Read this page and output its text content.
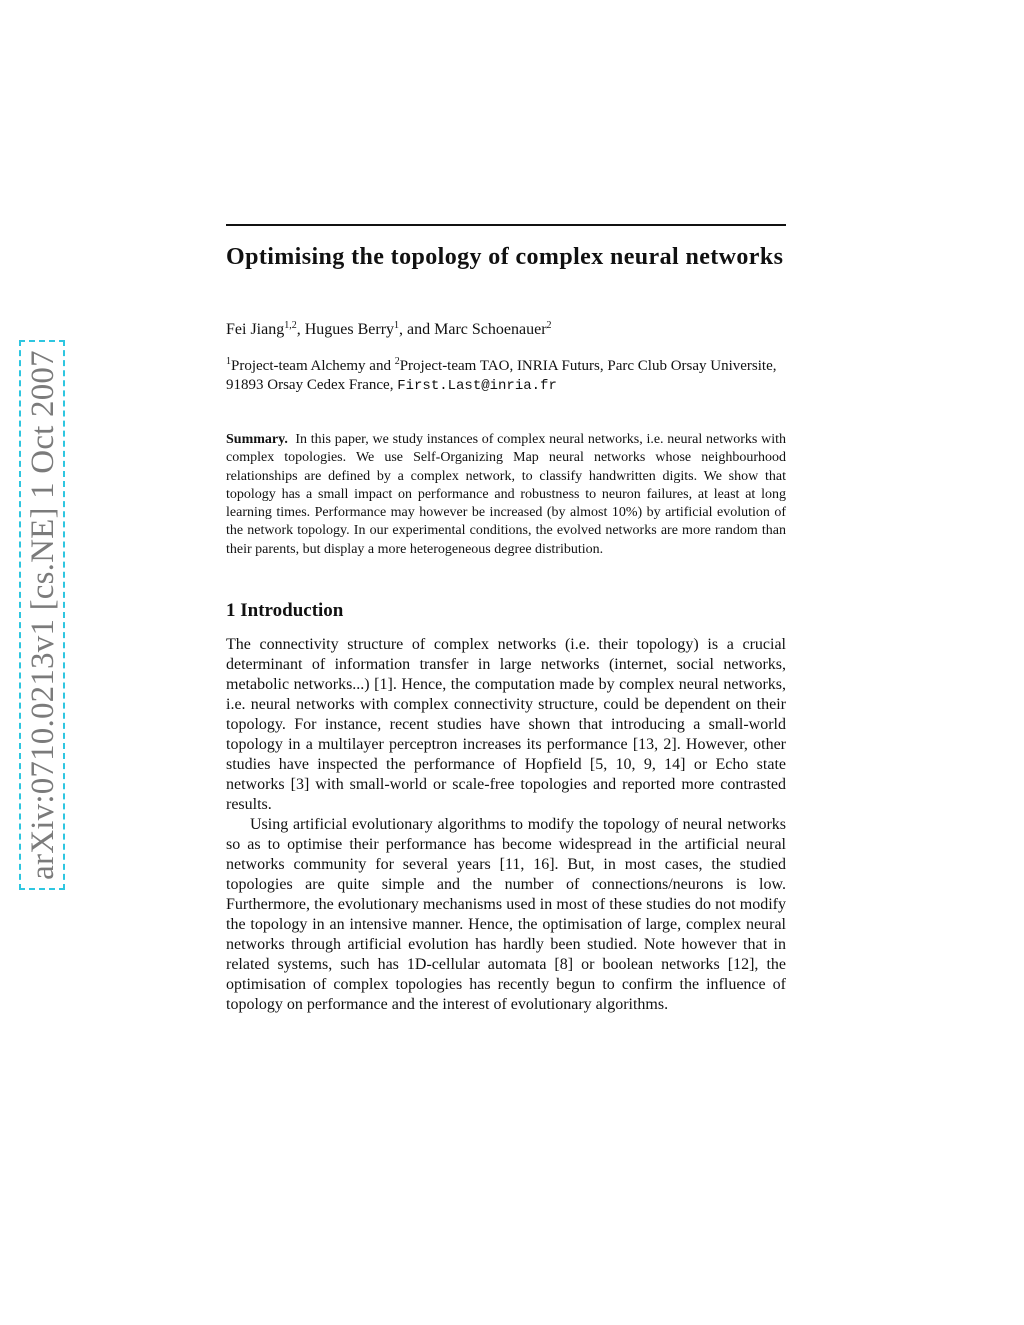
arXiv:0710.0213v1 [cs.NE] 1 Oct 2007
Optimising the topology of complex neural networks
Fei Jiang$^{1,2}$, Hugues Berry$^1$, and Marc Schoenauer$^2$
$^1$Project-team Alchemy and $^2$Project-team TAO, INRIA Futurs, Parc Club Orsay Universite, 91893 Orsay Cedex France, First.Last@inria.fr
Summary. In this paper, we study instances of complex neural networks, i.e. neural networks with complex topologies. We use Self-Organizing Map neural networks whose neighbourhood relationships are defined by a complex network, to classify handwritten digits. We show that topology has a small impact on performance and robustness to neuron failures, at least at long learning times. Performance may however be increased (by almost 10%) by artificial evolution of the network topology. In our experimental conditions, the evolved networks are more random than their parents, but display a more heterogeneous degree distribution.
1 Introduction

The connectivity structure of complex networks (i.e. their topology) is a crucial determinant of information transfer in large networks (internet, social networks, metabolic networks...) [1]. Hence, the computation made by complex neural networks, i.e. neural networks with complex connectivity structure, could be dependent on their topology. For instance, recent studies have shown that introducing a small-world topology in a multilayer perceptron increases its performance [13, 2]. However, other studies have inspected the performance of Hopfield [5, 10, 9, 14] or Echo state networks [3] with small-world or scale-free topologies and reported more contrasted results.

Using artificial evolutionary algorithms to modify the topology of neural networks so as to optimise their performance has become widespread in the artificial neural networks community for several years [11, 16]. But, in most cases, the studied topologies are quite simple and the number of connections/neurons is low. Furthermore, the evolutionary mechanisms used in most of these studies do not modify the topology in an intensive manner. Hence, the optimisation of large, complex neural networks through artificial evolution has hardly been studied. Note however that in related systems, such has 1D-cellular automata [8] or boolean networks [12], the optimisation of complex topologies has recently begun to confirm the influence of topology on performance and the interest of evolutionary algorithms.
